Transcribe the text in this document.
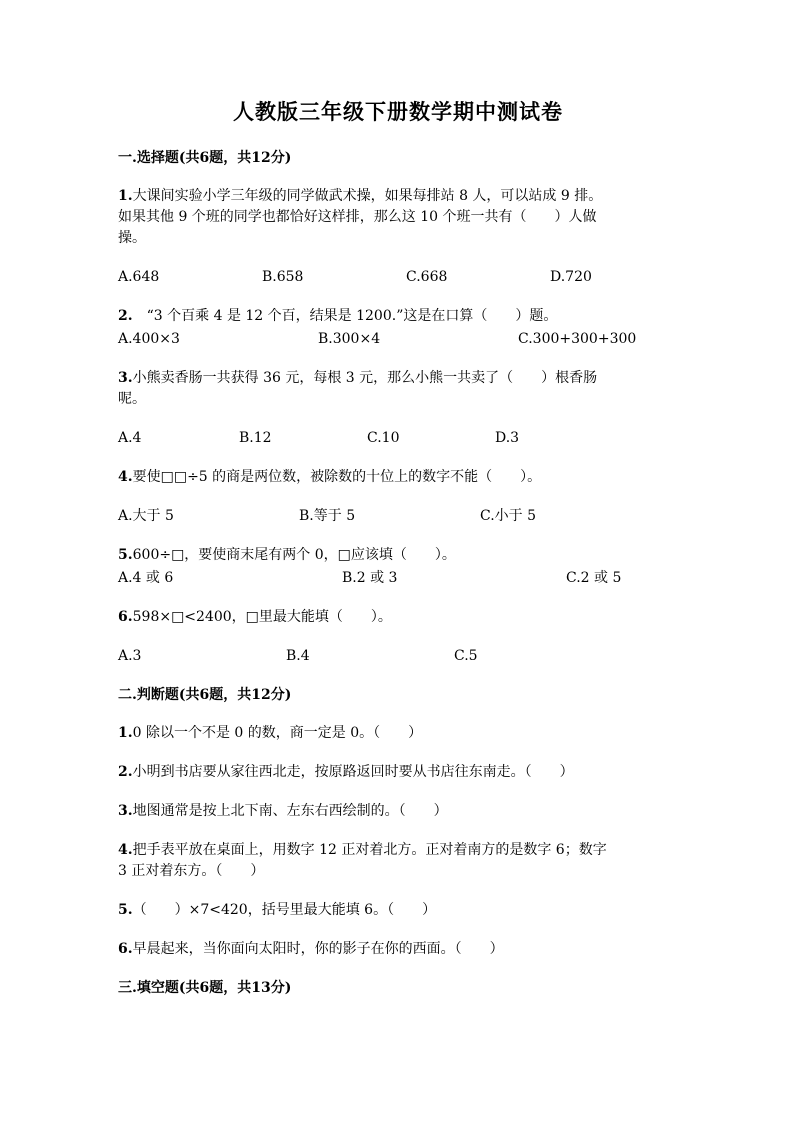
人教版三年级下册数学期中测试卷
一.选择题(共6题，共12分)

1.大课间实验小学三年级的同学做武术操，如果每排站 8 人，可以站成 9 排。

如果其他 9 个班的同学也都恰好这样排，那么这 10 个班一共有（　　）人做

操。

A.648	B.658	C.668	D.720

2.　“3 个百乘 4 是 12 个百，结果是 1200.”这是在口算（　　）题。

A.400×3	B.300×4	C.300+300+300

3.小熊卖香肠一共获得 36 元，每根 3 元，那么小熊一共卖了（　　）根香肠

呢。

A.4	B.12	C.10	D.3

4.要使□□÷5 的商是两位数，被除数的十位上的数字不能（　　）。

A.大于 5	B.等于 5	C.小于 5

5.600÷□，要使商末尾有两个 0，□应该填（　　）。

A.4 或 6	B.2 或 3	C.2 或 5

6.598×□<2400，□里最大能填（　　）。

A.3	B.4	C.5
二.判断题(共6题，共12分)

1.0 除以一个不是 0 的数，商一定是 0。（　　）

2.小明到书店要从家往西北走，按原路返回时要从书店往东南走。（　　）

3.地图通常是按上北下南、左东右西绘制的。（　　）

4.把手表平放在桌面上，用数字 12 正对着北方。正对着南方的是数字 6；数字

3 正对着东方。（　　）

5.（　　）×7<420，括号里最大能填 6。（　　）

6.早晨起来，当你面向太阳时，你的影子在你的西面。（　　）

三.填空题(共6题，共13分)
